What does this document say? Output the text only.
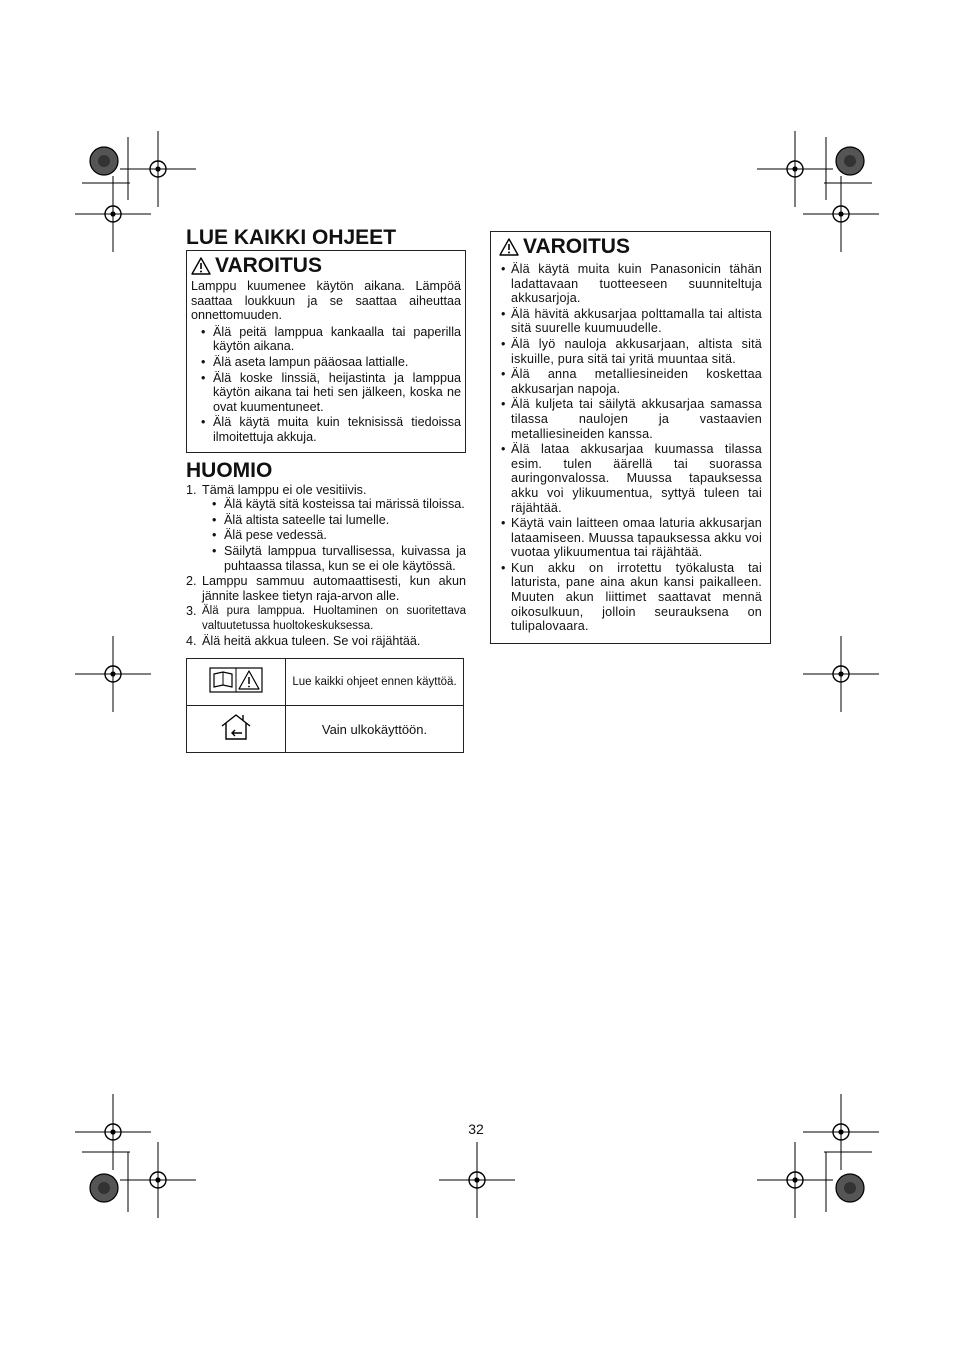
LUE KAIKKI OHJEET
VAROITUS
Lamppu kuumenee käytön aikana. Lämpöä saattaa loukkuun ja se saattaa aiheuttaa onnettomuuden.
• Älä peitä lamppua kankaalla tai paperilla käytön aikana.
• Älä aseta lampun pääosaa lattialle.
• Älä koske linssiä, heijastinta ja lamppua käytön aikana tai heti sen jälkeen, koska ne ovat kuumentuneet.
• Älä käytä muita kuin teknisissä tiedoissa ilmoitettuja akkuja.
HUOMIO
1. Tämä lamppu ei ole vesitiivis.
• Älä käytä sitä kosteissa tai märissä tiloissa.
• Älä altista sateelle tai lumelle.
• Älä pese vedessä.
• Säilytä lamppua turvallisessa, kuivassa ja puhtaassa tilassa, kun se ei ole käytössä.
2. Lamppu sammuu automaattisesti, kun akun jännite laskee tietyn raja-arvon alle.
3. Älä pura lamppua. Huoltaminen on suoritettava valtuutetussa huoltokeskuksessa.
4. Älä heitä akkua tuleen. Se voi räjähtää.
	Lue kaikki ohjeet ennen käyttöä.
	Vain ulkokäyttöön.
VAROITUS
• Älä käytä muita kuin Panasonicin tähän ladattavaan tuotteeseen suunniteltuja akkusarjoja.
• Älä hävitä akkusarjaa polttamalla tai altista sitä suurelle kuumuudelle.
• Älä lyö nauloja akkusarjaan, altista sitä iskuille, pura sitä tai yritä muuntaa sitä.
• Älä anna metalliesineiden koskettaa akkusarjan napoja.
• Älä kuljeta tai säilytä akkusarjaa samassa tilassa naulojen ja vastaavien metalliesineiden kanssa.
• Älä lataa akkusarjaa kuumassa tilassa esim. tulen äärellä tai suorassa auringonvalossa. Muussa tapauksessa akku voi ylikuumentua, syttyä tuleen tai räjähtää.
• Käytä vain laitteen omaa laturia akkusarjan lataamiseen. Muussa tapauksessa akku voi vuotaa ylikuumentua tai räjähtää.
• Kun akku on irrotettu työkalusta tai laturista, pane aina akun kansi paikalleen. Muuten akun liittimet saattavat mennä oikosulkuun, jolloin seurauksena on tulipalovaara.
32
